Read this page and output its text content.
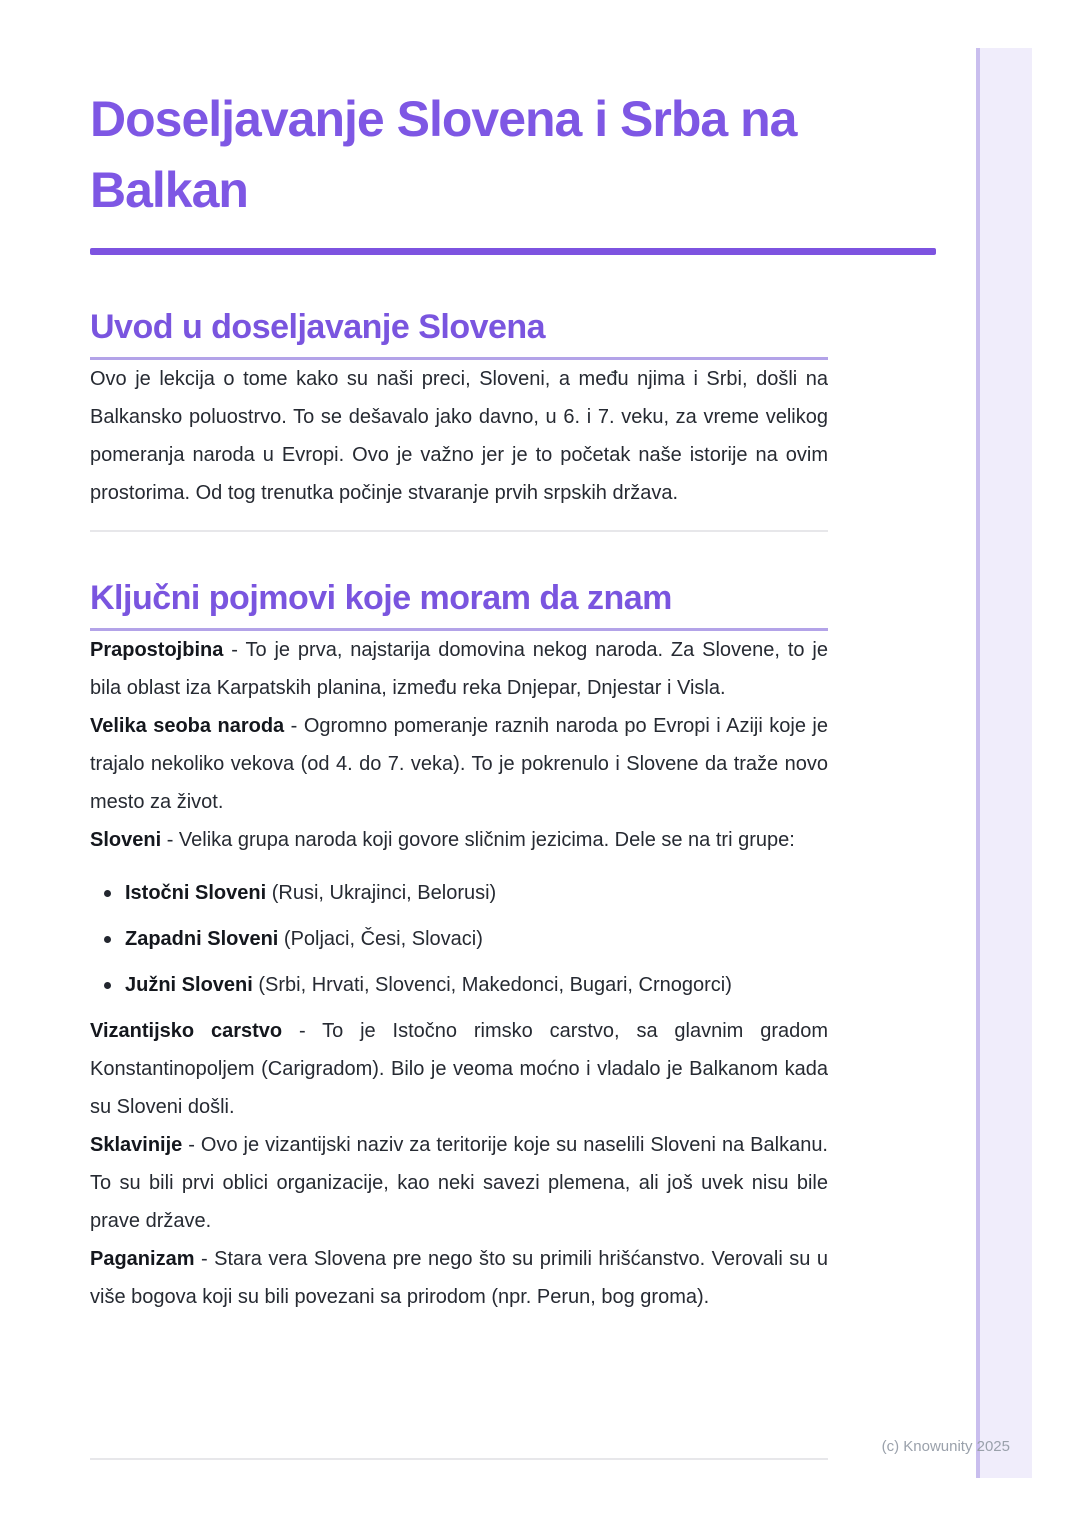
Doseljavanje Slovena i Srba na Balkan
Uvod u doseljavanje Slovena

Ovo je lekcija o tome kako su naši preci, Sloveni, a među njima i Srbi, došli na Balkansko poluostrvo. To se dešavalo jako davno, u 6. i 7. veku, za vreme velikog pomeranja naroda u Evropi. Ovo je važno jer je to početak naše istorije na ovim prostorima. Od tog trenutka počinje stvaranje prvih srpskih država.

Ključni pojmovi koje moram da znam

Prapostojbina - To je prva, najstarija domovina nekog naroda. Za Slovene, to je bila oblast iza Karpatskih planina, između reka Dnjepar, Dnjestar i Visla.

Velika seoba naroda - Ogromno pomeranje raznih naroda po Evropi i Aziji koje je trajalo nekoliko vekova (od 4. do 7. veka). To je pokrenulo i Slovene da traže novo mesto za život.

Sloveni - Velika grupa naroda koji govore sličnim jezicima. Dele se na tri grupe:

Istočni Sloveni (Rusi, Ukrajinci, Belorusi)

Zapadni Sloveni (Poljaci, Česi, Slovaci)

Južni Sloveni (Srbi, Hrvati, Slovenci, Makedonci, Bugari, Crnogorci)

Vizantijsko carstvo - To je Istočno rimsko carstvo, sa glavnim gradom Konstantinopoljem (Carigradom). Bilo je veoma moćno i vladalo je Balkanom kada su Sloveni došli.

Sklavinije - Ovo je vizantijski naziv za teritorije koje su naselili Sloveni na Balkanu. To su bili prvi oblici organizacije, kao neki savezi plemena, ali još uvek nisu bile prave države.

Paganizam - Stara vera Slovena pre nego što su primili hrišćanstvo. Verovali su u više bogova koji su bili povezani sa prirodom (npr. Perun, bog groma).

(c) Knowunity 2025
